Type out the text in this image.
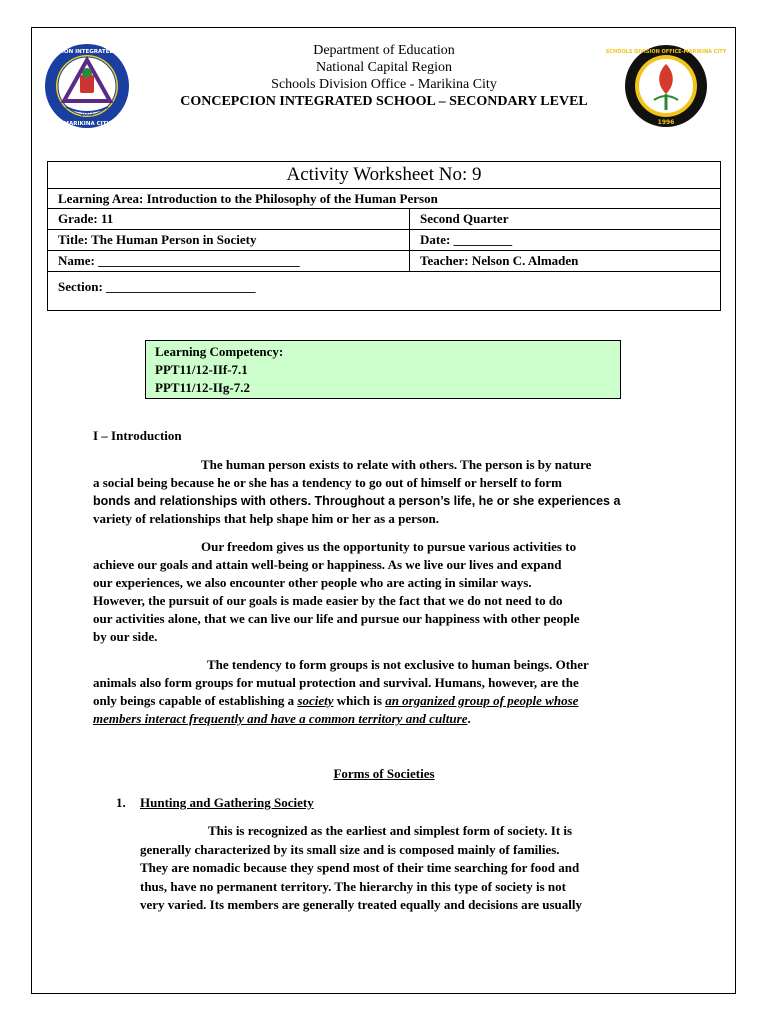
CONCEPCION INTEGRATED SCHOOL
MARIKINA CITY
2002
SCHOOLS DIVISION OFFICE-MARIKINA CITY
1996
Department of Education
National Capital Region
Schools Division Office - Marikina City
CONCEPCION INTEGRATED SCHOOL – SECONDARY LEVEL
Activity Worksheet No: 9
Learning Area: Introduction to the Philosophy of the Human Person
Grade: 11	Second Quarter
Title: The Human Person in Society	Date: _________
Name: _______________________________	Teacher: Nelson C. Almaden
Section: _______________________
Learning Competency:
PPT11/12-IIf-7.1
PPT11/12-IIg-7.2
I – Introduction
The human person exists to relate with others. The person is by nature
a social being because he or she has a tendency to go out of himself or herself to form
bonds and relationships with others. Throughout a person’s life, he or she experiences a
variety of relationships that help shape him or her as a person.
Our freedom gives us the opportunity to pursue various activities to
achieve our goals and attain well-being or happiness. As we live our lives and expand
our experiences, we also encounter other people who are acting in similar ways.
However, the pursuit of our goals is made easier by the fact that we do not need to do
our activities alone, that we can live our life and pursue our happiness with other people
by our side.
The tendency to form groups is not exclusive to human beings. Other
animals also form groups for mutual protection and survival. Humans, however, are the
only beings capable of establishing a society which is an organized group of people whose
members interact frequently and have a common territory and culture.
Forms of Societies
1. Hunting and Gathering Society
This is recognized as the earliest and simplest form of society. It is
generally characterized by its small size and is composed mainly of families.
They are nomadic because they spend most of their time searching for food and
thus, have no permanent territory. The hierarchy in this type of society is not
very varied. Its members are generally treated equally and decisions are usually
